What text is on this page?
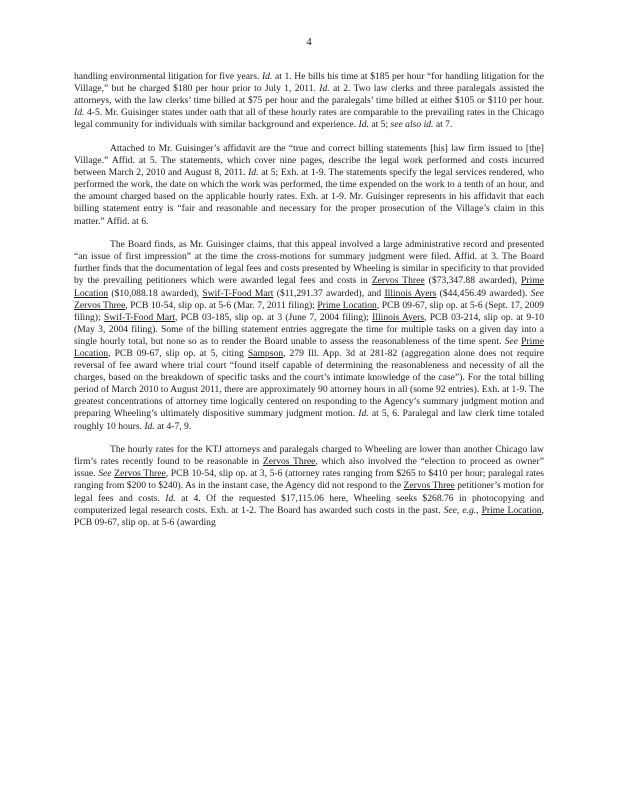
4

handling environmental litigation for five years. Id. at 1. He bills his time at $185 per hour “for handling litigation for the Village,” but he charged $180 per hour prior to July 1, 2011. Id. at 2. Two law clerks and three paralegals assisted the attorneys, with the law clerks’ time billed at $75 per hour and the paralegals’ time billed at either $105 or $110 per hour. Id. 4-5. Mr. Guisinger states under oath that all of these hourly rates are comparable to the prevailing rates in the Chicago legal community for individuals with similar background and experience. Id. at 5; see also id. at 7.

Attached to Mr. Guisinger’s affidavit are the “true and correct billing statements [his] law firm issued to [the] Village.” Affid. at 5. The statements, which cover nine pages, describe the legal work performed and costs incurred between March 2, 2010 and August 8, 2011. Id. at 5; Exh. at 1-9. The statements specify the legal services rendered, who performed the work, the date on which the work was performed, the time expended on the work to a tenth of an hour, and the amount charged based on the applicable hourly rates. Exh. at 1-9. Mr. Guisinger represents in his affidavit that each billing statement entry is “fair and reasonable and necessary for the proper prosecution of the Village’s claim in this matter.” Affid. at 6.

The Board finds, as Mr. Guisinger claims, that this appeal involved a large administrative record and presented “an issue of first impression” at the time the cross-motions for summary judgment were filed. Affid. at 3. The Board further finds that the documentation of legal fees and costs presented by Wheeling is similar in specificity to that provided by the prevailing petitioners which were awarded legal fees and costs in Zervos Three ($73,347.88 awarded), Prime Location ($10,088.18 awarded), Swif-T-Food Mart ($11,291.37 awarded), and Illinois Ayers ($44,456.49 awarded). See Zervos Three, PCB 10-54, slip op. at 5-6 (Mar. 7, 2011 filing); Prime Location, PCB 09-67, slip op. at 5-6 (Sept. 17, 2009 filing); Swif-T-Food Mart, PCB 03-185, slip op. at 3 (June 7, 2004 filing); Illinois Ayers, PCB 03-214, slip op. at 9-10 (May 3, 2004 filing). Some of the billing statement entries aggregate the time for multiple tasks on a given day into a single hourly total, but none so as to render the Board unable to assess the reasonableness of the time spent. See Prime Location, PCB 09-67, slip op. at 5, citing Sampson, 279 Ill. App. 3d at 281-82 (aggregation alone does not require reversal of fee award where trial court “found itself capable of determining the reasonableness and necessity of all the charges, based on the breakdown of specific tasks and the court’s intimate knowledge of the case”). For the total billing period of March 2010 to August 2011, there are approximately 90 attorney hours in all (some 92 entries). Exh. at 1-9. The greatest concentrations of attorney time logically centered on responding to the Agency’s summary judgment motion and preparing Wheeling’s ultimately dispositive summary judgment motion. Id. at 5, 6. Paralegal and law clerk time totaled roughly 10 hours. Id. at 4-7, 9.

The hourly rates for the KTJ attorneys and paralegals charged to Wheeling are lower than another Chicago law firm’s rates recently found to be reasonable in Zervos Three, which also involved the “election to proceed as owner” issue. See Zervos Three, PCB 10-54, slip op. at 3, 5-6 (attorney rates ranging from $265 to $410 per hour; paralegal rates ranging from $200 to $240). As in the instant case, the Agency did not respond to the Zervos Three petitioner’s motion for legal fees and costs. Id. at 4. Of the requested $17,115.06 here, Wheeling seeks $268.76 in photocopying and computerized legal research costs. Exh. at 1-2. The Board has awarded such costs in the past. See, e.g., Prime Location, PCB 09-67, slip op. at 5-6 (awarding
